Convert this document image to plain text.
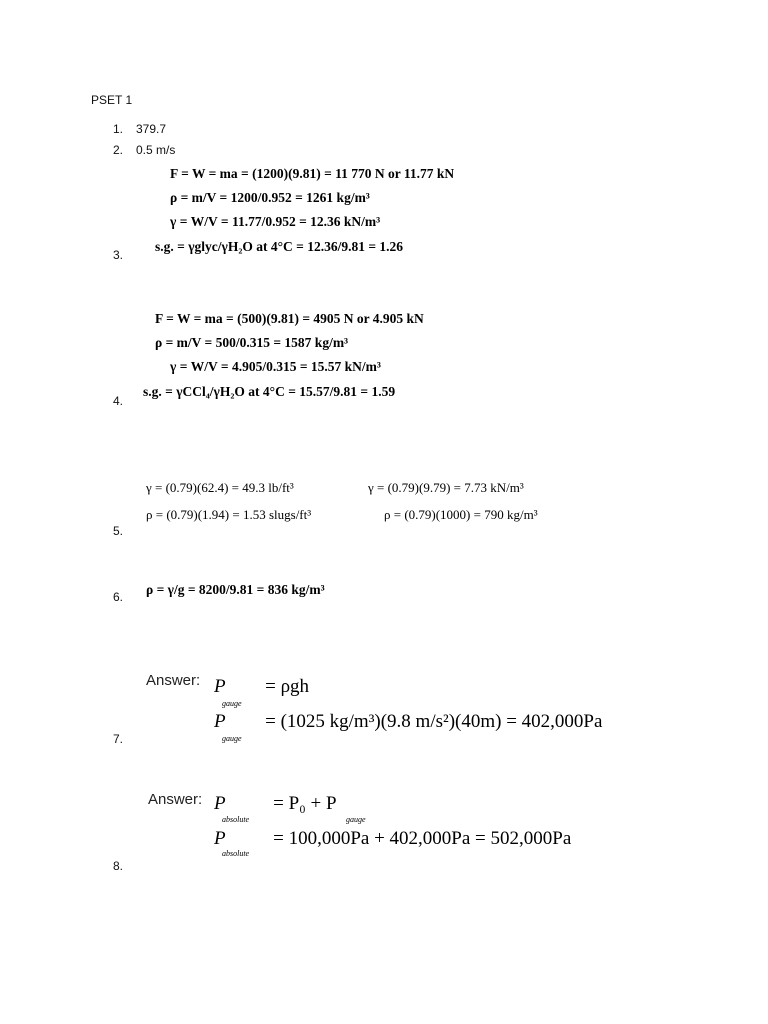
PSET 1
1. 379.7
2. 0.5 m/s
F = W = ma = (1200)(9.81) = 11 770 N or 11.77 kN
ρ = m/V = 1200/0.952 = 1261 kg/m³
γ = W/V = 11.77/0.952 = 12.36 kN/m³
s.g. = γglyc/γH₂O at 4°C = 12.36/9.81 = 1.26
3.
F = W = ma = (500)(9.81) = 4905 N or 4.905 kN
ρ = m/V = 500/0.315 = 1587 kg/m³
γ = W/V = 4.905/0.315 = 15.57 kN/m³
s.g. = γCCl₄/γH₂O at 4°C = 15.57/9.81 = 1.59
4.
γ = (0.79)(62.4) = 49.3 lb/ft³	γ = (0.79)(9.79) = 7.73 kN/m³
ρ = (0.79)(1.94) = 1.53 slugs/ft³	ρ = (0.79)(1000) = 790 kg/m³
5.
ρ = γ/g = 8200/9.81 = 836 kg/m³
6.
Answer: P = ρgh
gauge
P = (1025 kg/m³)(9.8 m/s²)(40m) = 402,000Pa
gauge
7.
Answer: P	= P₀ + P
absolute	gauge
P	= 100,000Pa + 402,000Pa = 502,000Pa
absolute
8.
